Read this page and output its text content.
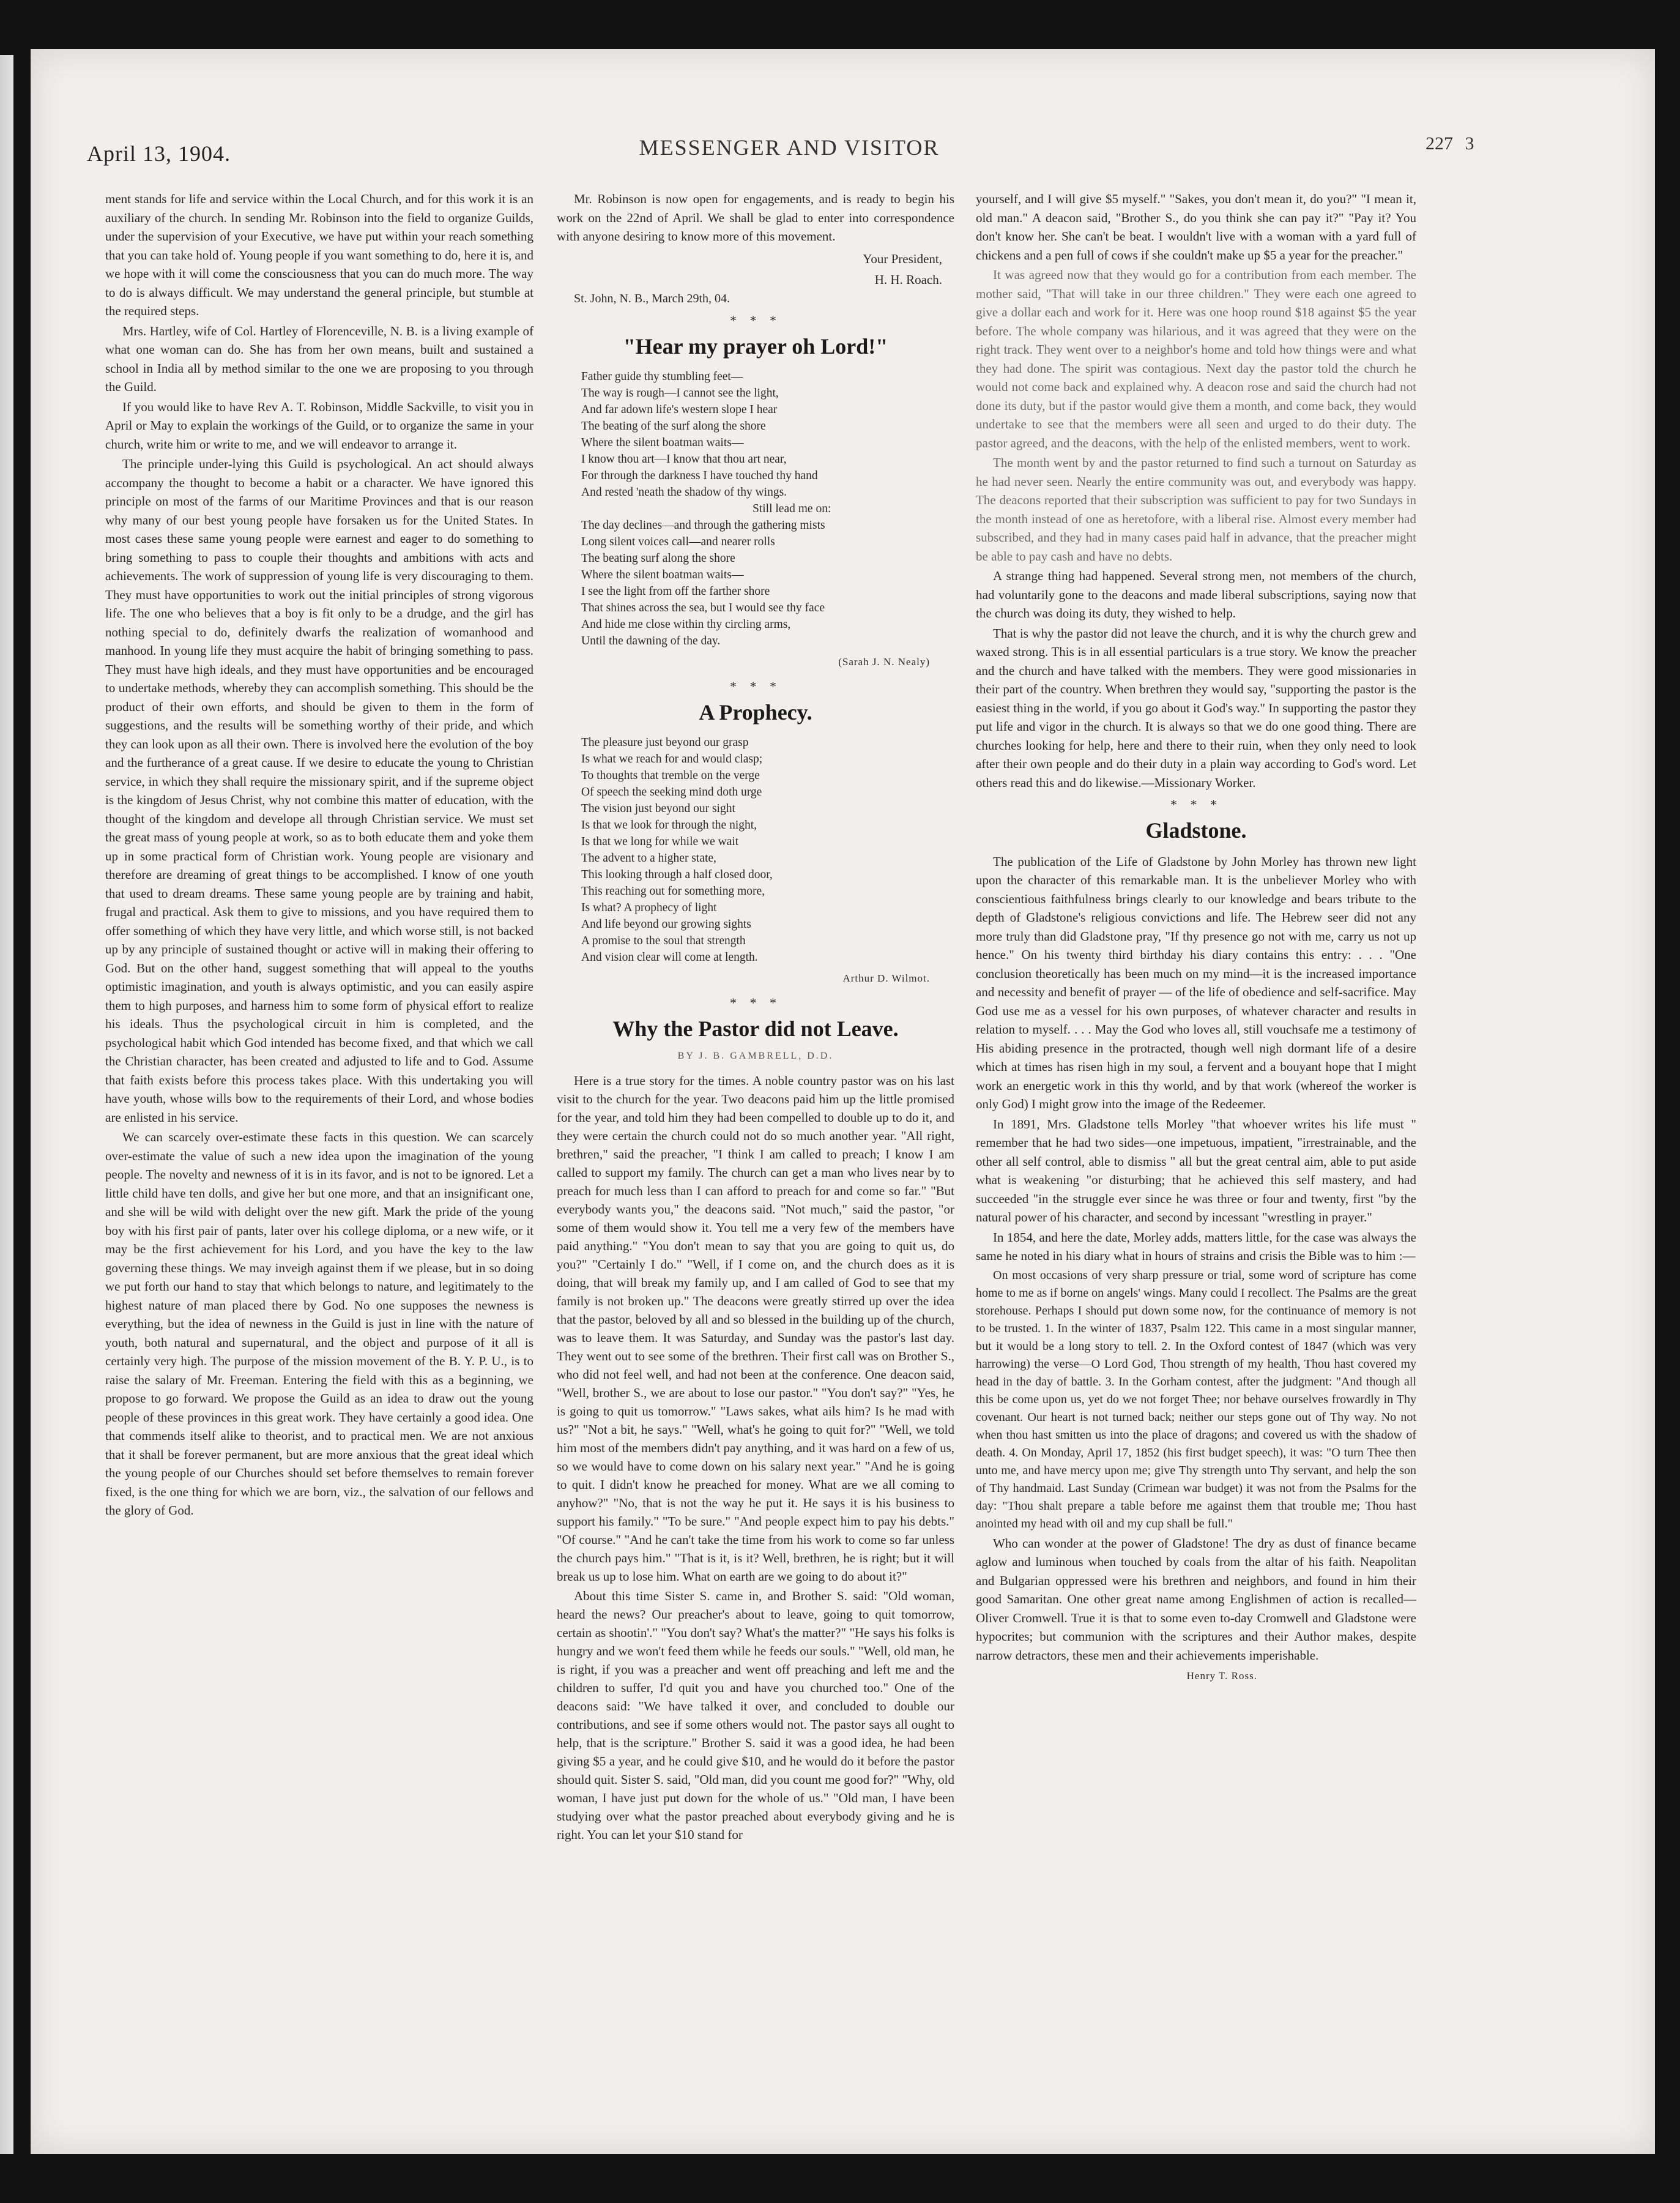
April 13, 1904.	MESSENGER AND VISITOR	227 3

ment stands for life and service within the Local Church, and for this work it is an auxiliary of the church. In sending Mr. Robinson into the field to organize Guilds, under the supervision of your Executive, we have put within your reach something that you can take hold of. Young people if you want something to do, here it is, and we hope with it will come the consciousness that you can do much more. The way to do is always difficult. We may understand the general principle, but stumble at the required steps.

Mrs. Hartley, wife of Col. Hartley of Florenceville, N. B. is a living example of what one woman can do. She has from her own means, built and sustained a school in India all by method similar to the one we are proposing to you through the Guild.

If you would like to have Rev A. T. Robinson, Middle Sackville, to visit you in April or May to explain the workings of the Guild, or to organize the same in your church, write him or write to me, and we will endeavor to arrange it.

The principle under-lying this Guild is psychological. An act should always accompany the thought to become a habit or a character. We have ignored this principle on most of the farms of our Maritime Provinces and that is our reason why many of our best young people have forsaken us for the United States. In most cases these same young people were earnest and eager to do something to bring something to pass to couple their thoughts and ambitions with acts and achievements. The work of suppression of young life is very discouraging to them. They must have opportunities to work out the initial principles of strong vigorous life. The one who believes that a boy is fit only to be a drudge, and the girl has nothing special to do, definitely dwarfs the realization of womanhood and manhood. In young life they must acquire the habit of bringing something to pass. They must have high ideals, and they must have opportunities and be encouraged to undertake methods, whereby they can accomplish something. This should be the product of their own efforts, and should be given to them in the form of suggestions, and the results will be something worthy of their pride, and which they can look upon as all their own. There is involved here the evolution of the boy and the furtherance of a great cause. If we desire to educate the young to Christian service, in which they shall require the missionary spirit, and if the supreme object is the kingdom of Jesus Christ, why not combine this matter of education, with the thought of the kingdom and develope all through Christian service. We must set the great mass of young people at work, so as to both educate them and yoke them up in some practical form of Christian work. Young people are visionary and therefore are dreaming of great things to be accomplished. I know of one youth that used to dream dreams. These same young people are by training and habit, frugal and practical. Ask them to give to missions, and you have required them to offer something of which they have very little, and which worse still, is not backed up by any principle of sustained thought or active will in making their offering to God. But on the other hand, suggest something that will appeal to the youths optimistic imagination, and youth is always optimistic, and you can easily aspire them to high purposes, and harness him to some form of physical effort to realize his ideals. Thus the psychological circuit in him is completed, and the psychological habit which God intended has become fixed, and that which we call the Christian character, has been created and adjusted to life and to God. Assume that faith exists before this process takes place. With this undertaking you will have youth, whose wills bow to the requirements of their Lord, and whose bodies are enlisted in his service.

We can scarcely over-estimate these facts in this question. We can scarcely over-estimate the value of such a new idea upon the imagination of the young people. The novelty and newness of it is in its favor, and is not to be ignored. Let a little child have ten dolls, and give her but one more, and that an insignificant one, and she will be wild with delight over the new gift. Mark the pride of the young boy with his first pair of pants, later over his college diploma, or a new wife, or it may be the first achievement for his Lord, and you have the key to the law governing these things. We may inveigh against them if we please, but in so doing we put forth our hand to stay that which belongs to nature, and legitimately to the highest nature of man placed there by God. No one supposes the newness is everything, but the idea of newness in the Guild is just in line with the nature of youth, both natural and supernatural, and the object and purpose of it all is certainly very high. The purpose of the mission movement of the B. Y. P. U., is to raise the salary of Mr. Freeman. Entering the field with this as a beginning, we propose to go forward. We propose the Guild as an idea to draw out the young people of these provinces in this great work. They have certainly a good idea. One that commends itself alike to theorist, and to practical men. We are not anxious that it shall be forever permanent, but are more anxious that the great ideal which the young people of our Churches should set before themselves to remain forever fixed, is the one thing for which we are born, viz., the salvation of our fellows and the glory of God.

Mr. Robinson is now open for engagements, and is ready to begin his work on the 22nd of April. We shall be glad to enter into correspondence with anyone desiring to know more of this movement.

Your President,
H. H. Roach.

St. John, N. B., March 29th, 04.

* * *
"Hear my prayer oh Lord!"
Father guide thy stumbling feet—
The way is rough—I cannot see the light,
And far adown life's western slope I hear
The beating of the surf along the shore
Where the silent boatman waits—
I know thou art—I know that thou art near,
For through the darkness I have touched thy hand
And rested 'neath the shadow of thy wings.
Still lead me on:
The day declines—and through the gathering mists
Long silent voices call—and nearer rolls
The beating surf along the shore
Where the silent boatman waits—
I see the light from off the farther shore
That shines across the sea, but I would see thy face
And hide me close within thy circling arms,
Until the dawning of the day.
(Sarah J. N. Nealy)
* * *
A Prophecy.
The pleasure just beyond our grasp
Is what we reach for and would clasp;
To thoughts that tremble on the verge
Of speech the seeking mind doth urge
The vision just beyond our sight
Is that we look for through the night,
Is that we long for while we wait
The advent to a higher state,
This looking through a half closed door,
This reaching out for something more,
Is what? A prophecy of light
And life beyond our growing sights
A promise to the soul that strength
And vision clear will come at length.
Arthur D. Wilmot.
* * *
Why the Pastor did not Leave.
BY J. B. GAMBRELL, D.D.

Here is a true story for the times. A noble country pastor was on his last visit to the church for the year. Two deacons paid him up the little promised for the year, and told him they had been compelled to double up to do it, and they were certain the church could not do so much another year. "All right, brethren," said the preacher, "I think I am called to preach; I know I am called to support my family. The church can get a man who lives near by to preach for much less than I can afford to preach for and come so far." "But everybody wants you," the deacons said. "Not much," said the pastor, "or some of them would show it. You tell me a very few of the members have paid anything." "You don't mean to say that you are going to quit us, do you?" "Certainly I do." "Well, if I come on, and the church does as it is doing, that will break my family up, and I am called of God to see that my family is not broken up." The deacons were greatly stirred up over the idea that the pastor, beloved by all and so blessed in the building up of the church, was to leave them. It was Saturday, and Sunday was the pastor's last day. They went out to see some of the brethren. Their first call was on Brother S., who did not feel well, and had not been at the conference. One deacon said, "Well, brother S., we are about to lose our pastor." "You don't say?" "Yes, he is going to quit us tomorrow." "Laws sakes, what ails him? Is he mad with us?" "Not a bit, he says." "Well, what's he going to quit for?" "Well, we told him most of the members didn't pay anything, and it was hard on a few of us, so we would have to come down on his salary next year." "And he is going to quit. I didn't know he preached for money. What are we all coming to anyhow?" "No, that is not the way he put it. He says it is his business to support his family." "To be sure." "And people expect him to pay his debts." "Of course." "And he can't take the time from his work to come so far unless the church pays him." "That is it, is it? Well, brethren, he is right; but it will break us up to lose him. What on earth are we going to do about it?"

About this time Sister S. came in, and Brother S. said: "Old woman, heard the news? Our preacher's about to leave, going to quit tomorrow, certain as shootin'." "You don't say? What's the matter?" "He says his folks is hungry and we won't feed them while he feeds our souls." "Well, old man, he is right, if you was a preacher and went off preaching and left me and the children to suffer, I'd quit you and have you churched too." One of the deacons said: "We have talked it over, and concluded to double our contributions, and see if some others would not. The pastor says all ought to help, that is the scripture." Brother S. said it was a good idea, he had been giving $5 a year, and he could give $10, and he would do it before the pastor should quit. Sister S. said, "Old man, did you count me good for?" "Why, old woman, I have just put down for the whole of us." "Old man, I have been studying over what the pastor preached about everybody giving and he is right. You can let your $10 stand for

yourself, and I will give $5 myself." "Sakes, you don't mean it, do you?" "I mean it, old man." A deacon said, "Brother S., do you think she can pay it?" "Pay it? You don't know her. She can't be beat. I wouldn't live with a woman with a yard full of chickens and a pen full of cows if she couldn't make up $5 a year for the preacher."

It was agreed now that they would go for a contribution from each member. The mother said, "That will take in our three children." They were each one agreed to give a dollar each and work for it. Here was one hoop round $18 against $5 the year before. The whole company was hilarious, and it was agreed that they were on the right track. They went over to a neighbor's home and told how things were and what they had done. The spirit was contagious. Next day the pastor told the church he would not come back and explained why. A deacon rose and said the church had not done its duty, but if the pastor would give them a month, and come back, they would undertake to see that the members were all seen and urged to do their duty. The pastor agreed, and the deacons, with the help of the enlisted members, went to work.

The month went by and the pastor returned to find such a turnout on Saturday as he had never seen. Nearly the entire community was out, and everybody was happy. The deacons reported that their subscription was sufficient to pay for two Sundays in the month instead of one as heretofore, with a liberal rise. Almost every member had subscribed, and they had in many cases paid half in advance, that the preacher might be able to pay cash and have no debts.

A strange thing had happened. Several strong men, not members of the church, had voluntarily gone to the deacons and made liberal subscriptions, saying now that the church was doing its duty, they wished to help.

That is why the pastor did not leave the church, and it is why the church grew and waxed strong. This is in all essential particulars is a true story. We know the preacher and the church and have talked with the members. They were good missionaries in their part of the country. When brethren they would say, "supporting the pastor is the easiest thing in the world, if you go about it God's way." In supporting the pastor they put life and vigor in the church. It is always so that we do one good thing. There are churches looking for help, here and there to their ruin, when they only need to look after their own people and do their duty in a plain way according to God's word. Let others read this and do likewise.—Missionary Worker.

* * *
Gladstone.

The publication of the Life of Gladstone by John Morley has thrown new light upon the character of this remarkable man. It is the unbeliever Morley who with conscientious faithfulness brings clearly to our knowledge and bears tribute to the depth of Gladstone's religious convictions and life. The Hebrew seer did not any more truly than did Gladstone pray, "If thy presence go not with me, carry us not up hence." On his twenty third birthday his diary contains this entry: . . . "One conclusion theoretically has been much on my mind—it is the increased importance and necessity and benefit of prayer — of the life of obedience and self-sacrifice. May God use me as a vessel for his own purposes, of whatever character and results in relation to myself. . . . May the God who loves all, still vouchsafe me a testimony of His abiding presence in the protracted, though well nigh dormant life of a desire which at times has risen high in my soul, a fervent and a bouyant hope that I might work an energetic work in this thy world, and by that work (whereof the worker is only God) I might grow into the image of the Redeemer.

In 1891, Mrs. Gladstone tells Morley "that whoever writes his life must " remember that he had two sides—one impetuous, impatient, "irrestrainable, and the other all self control, able to dismiss " all but the great central aim, able to put aside what is weakening "or disturbing; that he achieved this self mastery, and had succeeded "in the struggle ever since he was three or four and twenty, first "by the natural power of his character, and second by incessant "wrestling in prayer."

In 1854, and here the date, Morley adds, matters little, for the case was always the same he noted in his diary what in hours of strains and crisis the Bible was to him :—

On most occasions of very sharp pressure or trial, some word of scripture has come home to me as if borne on angels' wings. Many could I recollect. The Psalms are the great storehouse. Perhaps I should put down some now, for the continuance of memory is not to be trusted. 1. In the winter of 1837, Psalm 122. This came in a most singular manner, but it would be a long story to tell. 2. In the Oxford contest of 1847 (which was very harrowing) the verse—O Lord God, Thou strength of my health, Thou hast covered my head in the day of battle. 3. In the Gorham contest, after the judgment: "And though all this be come upon us, yet do we not forget Thee; nor behave ourselves frowardly in Thy covenant. Our heart is not turned back; neither our steps gone out of Thy way. No not when thou hast smitten us into the place of dragons; and covered us with the shadow of death. 4. On Monday, April 17, 1852 (his first budget speech), it was: "O turn Thee then unto me, and have mercy upon me; give Thy strength unto Thy servant, and help the son of Thy handmaid. Last Sunday (Crimean war budget) it was not from the Psalms for the day: "Thou shalt prepare a table before me against them that trouble me; Thou hast anointed my head with oil and my cup shall be full."

Who can wonder at the power of Gladstone! The dry as dust of finance became aglow and luminous when touched by coals from the altar of his faith. Neapolitan and Bulgarian oppressed were his brethren and neighbors, and found in him their good Samaritan. One other great name among Englishmen of action is recalled—Oliver Cromwell. True it is that to some even to-day Cromwell and Gladstone were hypocrites; but communion with the scriptures and their Author makes, despite narrow detractors, these men and their achievements imperishable.

Henry T. Ross.
